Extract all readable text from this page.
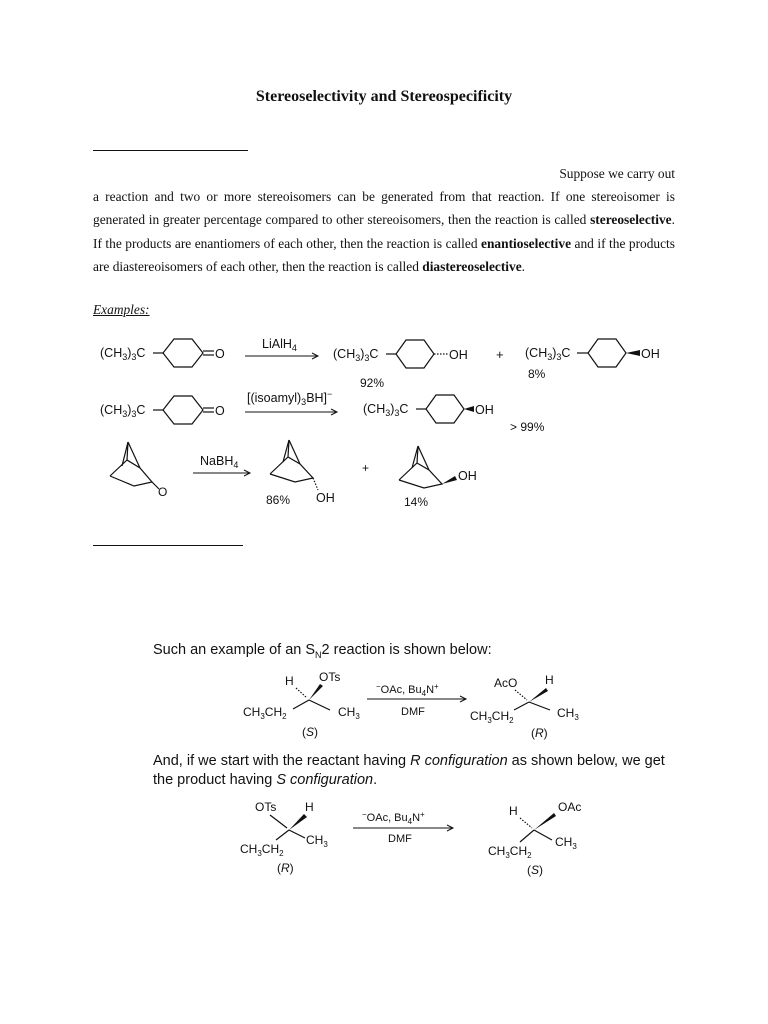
Stereoselectivity and Stereospecificity
Suppose we carry out
a reaction and two or more stereoisomers can be generated from that reaction. If one stereoisomer is generated in greater percentage compared to other stereoisomers, then the reaction is called stereoselective. If the products are enantiomers of each other, then the reaction is called enantioselective and if the products are diastereoisomers of each other, then the reaction is called diastereoselective.
Examples:
$(CH_3)_3C$	O
LiAlH$_4$	$(CH_3)_3C$	OH
92%
+ $(CH_3)_3C$	OH
8%
$(CH_3)_3C$	O
$[(isoamyl)_3BH]^-$
$(CH_3)_3C$	OH
> 99%
O
NaBH$_4$
OH
86%
+
OH
14%
Such an example of an $S_N2$ reaction is shown below:
OTs
H
$CH_3CH_2$	$CH_3$
(S)
−OAc, $Bu_4N^+$
DMF
AcO H
$CH_3CH_2$
$CH_3$
(R)
And, if we start with the reactant having R configuration as shown below, we get the product having S configuration.
OTs H
$CH_3$
$CH_3CH_2$
(R)
−OAc, $Bu_4N^+$
DMF
H	OAc
$CH_3$
$CH_3CH_2$
(S)
